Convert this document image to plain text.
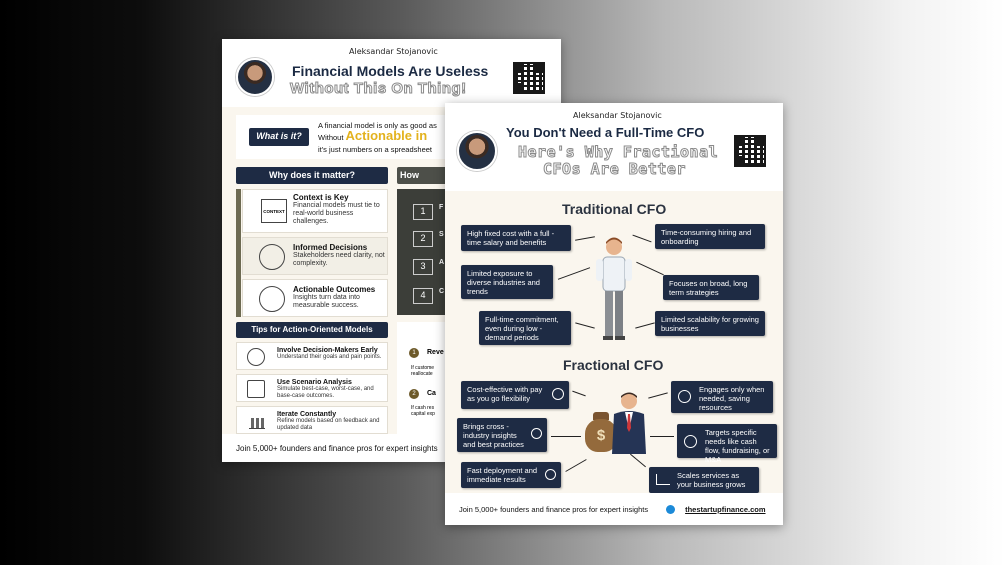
Aleksandar Stojanovic
Financial Models Are Useless
Without This On Thing!
What is it?
A financial model is only as good as
Without Actionable in
it's just numbers on a spreadsheet
Why does it matter?	How
CONTEXT
Context is Key
Financial models must tie to real-world business challenges.
Informed Decisions
Stakeholders need clarity, not complexity.
Actionable Outcomes
Insights turn data into measurable success.
1
2
3
4
F
S
A
C
Tips for Action-Oriented Models
Involve Decision-Makers Early
Understand their goals and pain points.
Use Scenario Analysis
Simulate best-case, worst-case, and base-case outcomes.
Iterate Constantly
Refine models based on feedback and updated data
1	Reve
If custome reallocate
2	Ca
If cash res capital exp
Join 5,000+ founders and finance pros for expert insights
Aleksandar Stojanovic
You Don't Need a Full-Time CFO
Here's Why Fractional
CFOs Are Better
Traditional CFO
High fixed cost with a full - time salary and benefits
Time-consuming hiring and onboarding
Limited exposure to diverse industries and trends
Focuses on broad, long term strategies
Full-time commitment, even during low - demand periods
Limited scalability for growing businesses
Fractional CFO
Cost-effective with pay as you go flexibility
Engages only when needed, saving resources
Brings cross - industry insights and best practices
Targets specific needs like cash flow, fundraising, or M&A
Fast deployment and immediate results	Scales services as your business grows
$
Join 5,000+ founders and finance pros for expert insights	thestartupfinance.com
